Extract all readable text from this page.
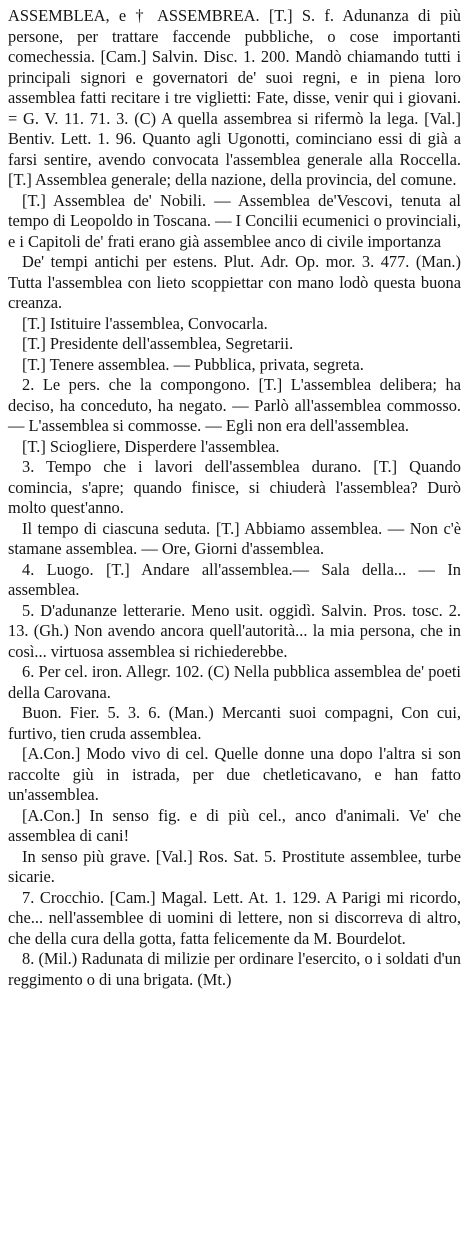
ASSEMBLEA, e † ASSEMBREA. [T.] S. f. Adunanza di più persone, per trattare faccende pubbliche, o cose importanti comechessia. [Cam.] Salvin. Disc. 1. 200. Mandò chiamando tutti i principali signori e governatori de' suoi regni, e in piena loro assemblea fatti recitare i tre viglietti: Fate, disse, venir qui i giovani. = G. V. 11. 71. 3. (C) A quella assembrea si rifermò la lega. [Val.] Bentiv. Lett. 1. 96. Quanto agli Ugonotti, cominciano essi di già a farsi sentire, avendo convocata l'assemblea generale alla Roccella. [T.] Assemblea generale; della nazione, della provincia, del comune.

[T.] Assemblea de' Nobili. — Assemblea de'Vescovi, tenuta al tempo di Leopoldo in Toscana. — I Concilii ecumenici o provinciali, e i Capitoli de' frati erano già assemblee anco di civile importanza

De' tempi antichi per estens. Plut. Adr. Op. mor. 3. 477. (Man.) Tutta l'assemblea con lieto scoppiettar con mano lodò questa buona creanza.

[T.] Istituire l'assemblea, Convocarla.

[T.] Presidente dell'assemblea, Segretarii.

[T.] Tenere assemblea. — Pubblica, privata, segreta.

2. Le pers. che la compongono. [T.] L'assemblea delibera; ha deciso, ha conceduto, ha negato. — Parlò all'assemblea commosso. — L'assemblea si commosse. — Egli non era dell'assemblea.

[T.] Sciogliere, Disperdere l'assemblea.

3. Tempo che i lavori dell'assemblea durano. [T.] Quando comincia, s'apre; quando finisce, si chiuderà l'assemblea? Durò molto quest'anno.

Il tempo di ciascuna seduta. [T.] Abbiamo assemblea. — Non c'è stamane assemblea. — Ore, Giorni d'assemblea.

4. Luogo. [T.] Andare all'assemblea.— Sala della... — In assemblea.

5. D'adunanze letterarie. Meno usit. oggidì. Salvin. Pros. tosc. 2. 13. (Gh.) Non avendo ancora quell'autorità... la mia persona, che in così... virtuosa assemblea si richiederebbe.

6. Per cel. iron. Allegr. 102. (C) Nella pubblica assemblea de' poeti della Carovana.

Buon. Fier. 5. 3. 6. (Man.) Mercanti suoi compagni, Con cui, furtivo, tien cruda assemblea.

[A.Con.] Modo vivo di cel. Quelle donne una dopo l'altra si son raccolte giù in istrada, per due chetleticavano, e han fatto un'assemblea.

[A.Con.] In senso fig. e di più cel., anco d'animali. Ve' che assemblea di cani!

In senso più grave. [Val.] Ros. Sat. 5. Prostitute assemblee, turbe sicarie.

7. Crocchio. [Cam.] Magal. Lett. At. 1. 129. A Parigi mi ricordo, che... nell'assemblee di uomini di lettere, non si discorreva di altro, che della cura della gotta, fatta felicemente da M. Bourdelot.

8. (Mil.) Radunata di milizie per ordinare l'esercito, o i soldati d'un reggimento o di una brigata. (Mt.)
